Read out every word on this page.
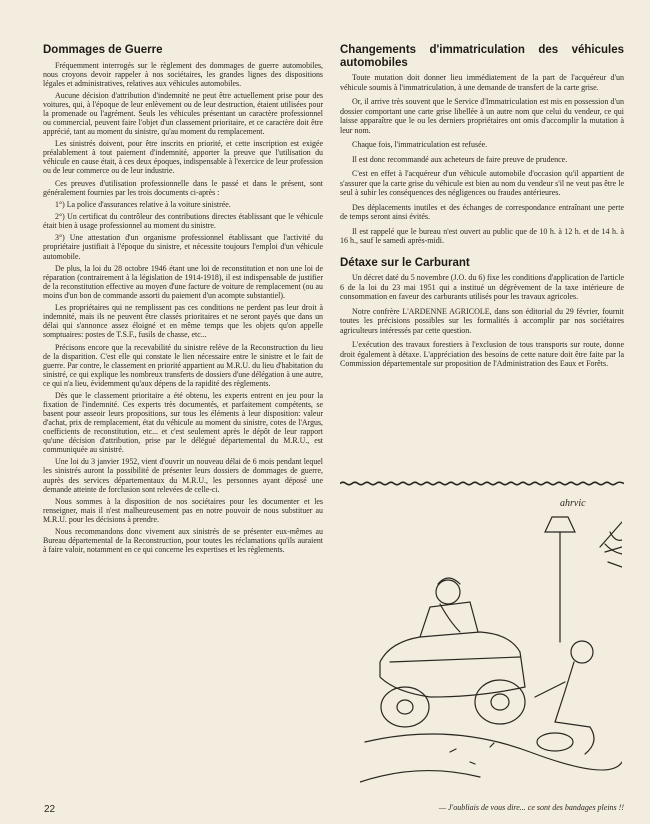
Dommages de Guerre

Fréquemment interrogés sur le règlement des dommages de guerre automobiles, nous croyons devoir rappeler à nos sociétaires, les grandes lignes des dispositions légales et administratives, relatives aux véhicules automobiles.

Aucune décision d'attribution d'indemnité ne peut être actuellement prise pour des voitures, qui, à l'époque de leur enlèvement ou de leur destruction, étaient utilisées pour la promenade ou l'agrément. Seuls les véhicules présentant un caractère professionnel ou commercial, peuvent faire l'objet d'un classement prioritaire, et ce caractère doit être apprécié, tant au moment du sinistre, qu'au moment du remplacement.

Les sinistrés doivent, pour être inscrits en priorité, et cette inscription est exigée préalablement à tout paiement d'indemnité, apporter la preuve que l'utilisation du véhicule en cause était, à ces deux époques, indispensable à l'exercice de leur profession ou de leur commerce ou de leur industrie.

Ces preuves d'utilisation professionnelle dans le passé et dans le présent, sont généralement fournies par les trois documents ci-après :

1°) La police d'assurances relative à la voiture sinistrée.

2°) Un certificat du contrôleur des contributions directes établissant que le véhicule était bien à usage professionnel au moment du sinistre.

3°) Une attestation d'un organisme professionnel établissant que l'activité du propriétaire justifiait à l'époque du sinistre, et nécessite toujours l'emploi d'un véhicule automobile.

De plus, la loi du 28 octobre 1946 étant une loi de reconstitution et non une loi de réparation (contrairement à la législation de 1914-1918), il est indispensable de justifier de la reconstitution effective au moyen d'une facture de voiture de remplacement (ou au moins d'un bon de commande assorti du paiement d'un acompte substantiel).

Les propriétaires qui ne remplissent pas ces conditions ne perdent pas leur droit à indemnité, mais ils ne peuvent être classés prioritaires et ne seront payés que dans un délai qui s'annonce assez éloigné et en même temps que les objets qu'on appelle somptuaires: postes de T.S.F., fusils de chasse, etc...

Précisons encore que la recevabilité du sinistre relève de la Reconstruction du lieu de la disparition. C'est elle qui constate le lien nécessaire entre le sinistre et le fait de guerre. Par contre, le classement en priorité appartient au M.R.U. du lieu d'habitation du sinistré, ce qui explique les nombreux transferts de dossiers d'une délégation à une autre, ce qui n'a lieu, évidemment qu'aux dépens de la rapidité des règlements.

Dès que le classement prioritaire a été obtenu, les experts entrent en jeu pour la fixation de l'indemnité. Ces experts très documentés, et parfaitement compétents, se basent pour asseoir leurs propositions, sur tous les éléments à leur disposition: valeur d'achat, prix de remplacement, état du véhicule au moment du sinistre, cotes de l'Argus, coefficients de reconstitution, etc... et c'est seulement après le dépôt de leur rapport qu'une décision d'attribution, prise par le délégué départemental du M.R.U., est communiquée au sinistré.

Une loi du 3 janvier 1952, vient d'ouvrir un nouveau délai de 6 mois pendant lequel les sinistrés auront la possibilité de présenter leurs dossiers de dommages de guerre, auprès des services départementaux du M.R.U., les personnes ayant déposé une demande atteinte de forclusion sont relevées de celle-ci.

Nous sommes à la disposition de nos sociétaires pour les documenter et les renseigner, mais il n'est malheureusement pas en notre pouvoir de nous substituer au M.R.U. pour les décisions à prendre.

Nous recommandons donc vivement aux sinistrés de se présenter eux-mêmes au Bureau départemental de la Reconstruction, pour toutes les réclamations qu'ils auraient à faire valoir, notamment en ce qui concerne les expertises et les règlements.

Changements d'immatriculation des véhicules automobiles

Toute mutation doit donner lieu immédiatement de la part de l'acquéreur d'un véhicule soumis à l'immatriculation, à une demande de transfert de la carte grise.

Or, il arrive très souvent que le Service d'Immatriculation est mis en possession d'un dossier comportant une carte grise libellée à un autre nom que celui du vendeur, ce qui laisse apparaître que le ou les derniers propriétaires ont omis d'accomplir la mutation à leur nom.

Chaque fois, l'immatriculation est refusée.

Il est donc recommandé aux acheteurs de faire preuve de prudence.

C'est en effet à l'acquéreur d'un véhicule automobile d'occasion qu'il appartient de s'assurer que la carte grise du véhicule est bien au nom du vendeur s'il ne veut pas être le seul à subir les conséquences des négligences ou fraudes antérieures.

Des déplacements inutiles et des échanges de correspondance entraînant une perte de temps seront ainsi évités.

Il est rappelé que le bureau n'est ouvert au public que de 10 h. à 12 h. et de 14 h. à 16 h., sauf le samedi après-midi.

Détaxe sur le Carburant

Un décret daté du 5 novembre (J.O. du 6) fixe les conditions d'application de l'article 6 de la loi du 23 mai 1951 qui a institué un dégrèvement de la taxe intérieure de consommation en faveur des carburants utilisés pour les travaux agricoles.

Notre confrère L'ARDENNE AGRICOLE, dans son éditorial du 29 février, fournit toutes les précisions possibles sur les formalités à accomplir par nos sociétaires agriculteurs intéressés par cette question.

L'exécution des travaux forestiers à l'exclusion de tous transports sur route, donne droit également à détaxe. L'appréciation des besoins de cette nature doit être faite par la Commission départementale sur proposition de l'Administration des Eaux et Forêts.

ahrvic
— J'oubliais de vous dire... ce sont des bandages pleins !!
22
